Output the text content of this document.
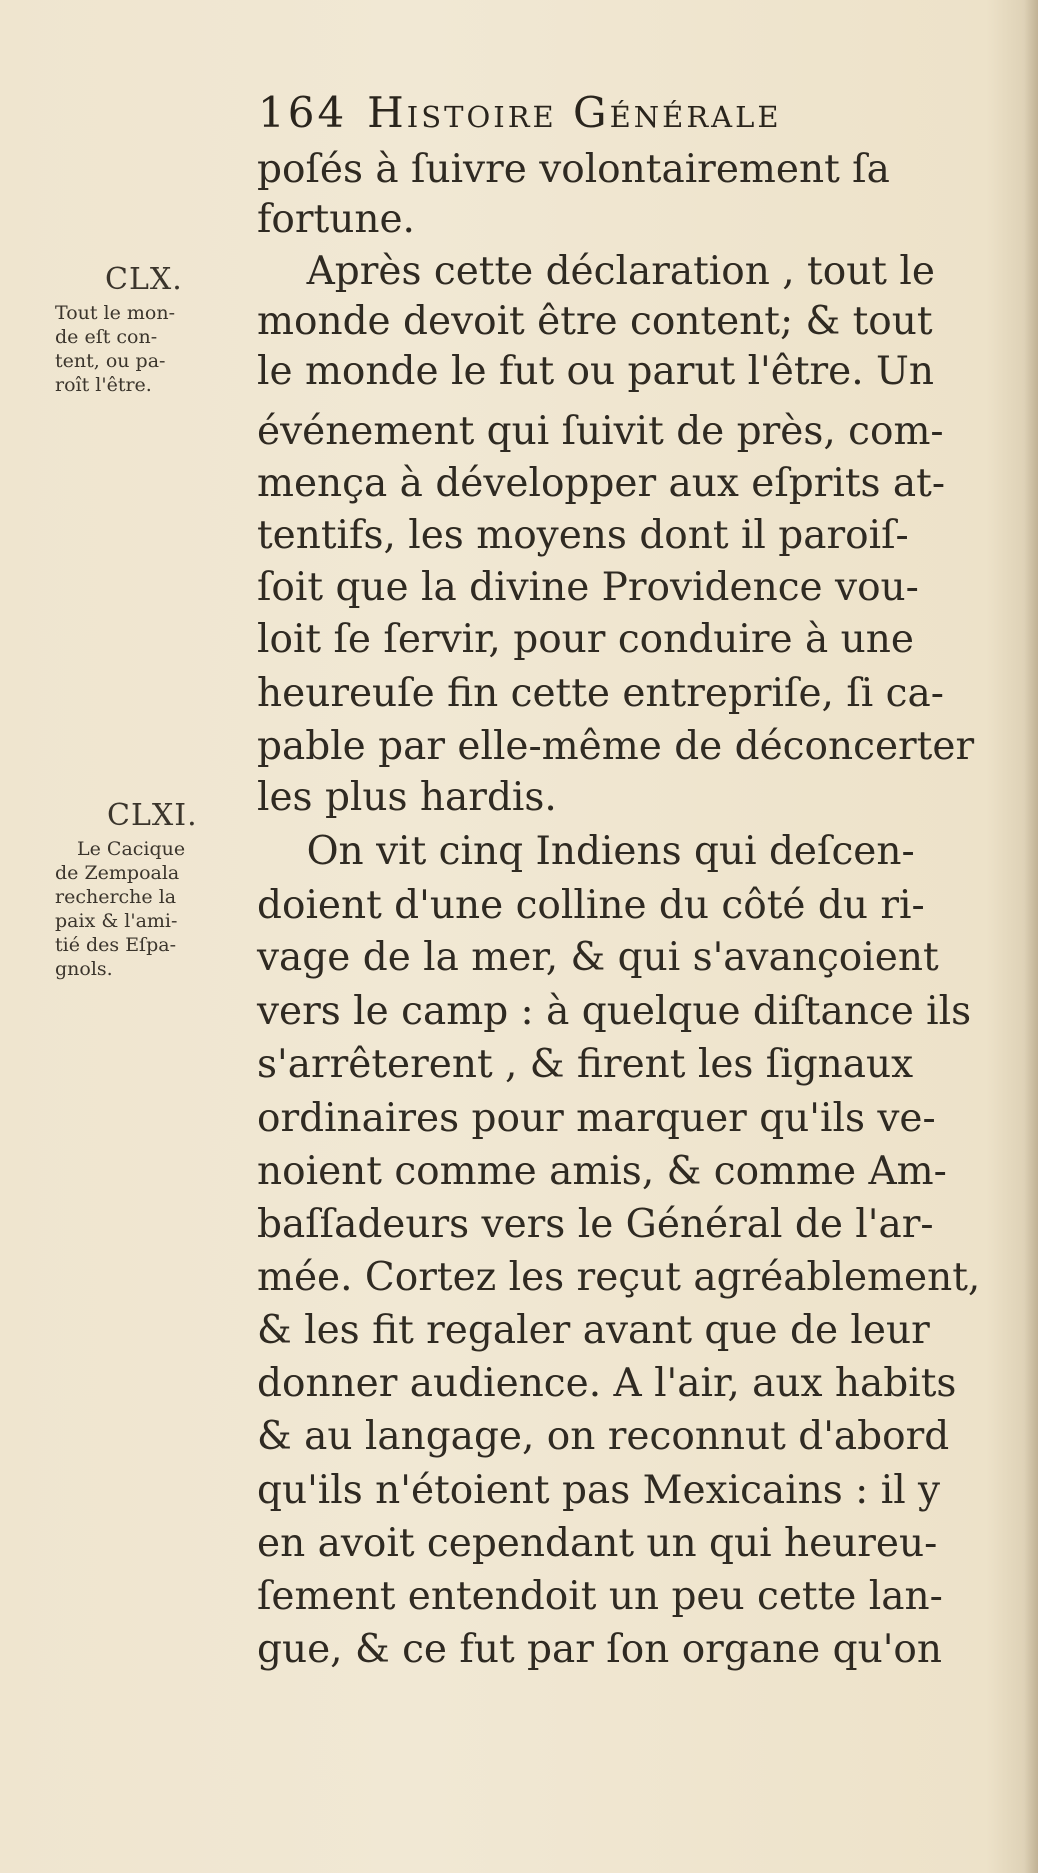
164 Histoire Générale
CLX.
Tout le mon-
de eſt con-
tent, ou pa-
roît l'être.
CLXI.
Le Cacique
de Zempoala
recherche la
paix & l'ami-
tié des Eſpa-
gnols.
poſés à ſuivre volontairement ſa
fortune.
Après cette déclaration , tout le
monde devoit être content; & tout
le monde le fut ou parut l'être. Un
événement qui ſuivit de près, com-
mença à développer aux eſprits at-
tentifs, les moyens dont il paroiſ-
ſoit que la divine Providence vou-
loit ſe ſervir, pour conduire à une
heureuſe fin cette entrepriſe, ſi ca-
pable par elle-même de déconcerter
les plus hardis.
On vit cinq Indiens qui deſcen-
doient d'une colline du côté du ri-
vage de la mer, & qui s'avançoient
vers le camp : à quelque diſtance ils
s'arrêterent , & firent les ſignaux
ordinaires pour marquer qu'ils ve-
noient comme amis, & comme Am-
baſſadeurs vers le Général de l'ar-
mée. Cortez les reçut agréablement,
& les fit regaler avant que de leur
donner audience. A l'air, aux habits
& au langage, on reconnut d'abord
qu'ils n'étoient pas Mexicains : il y
en avoit cependant un qui heureu-
ſement entendoit un peu cette lan-
gue, & ce fut par ſon organe qu'on
